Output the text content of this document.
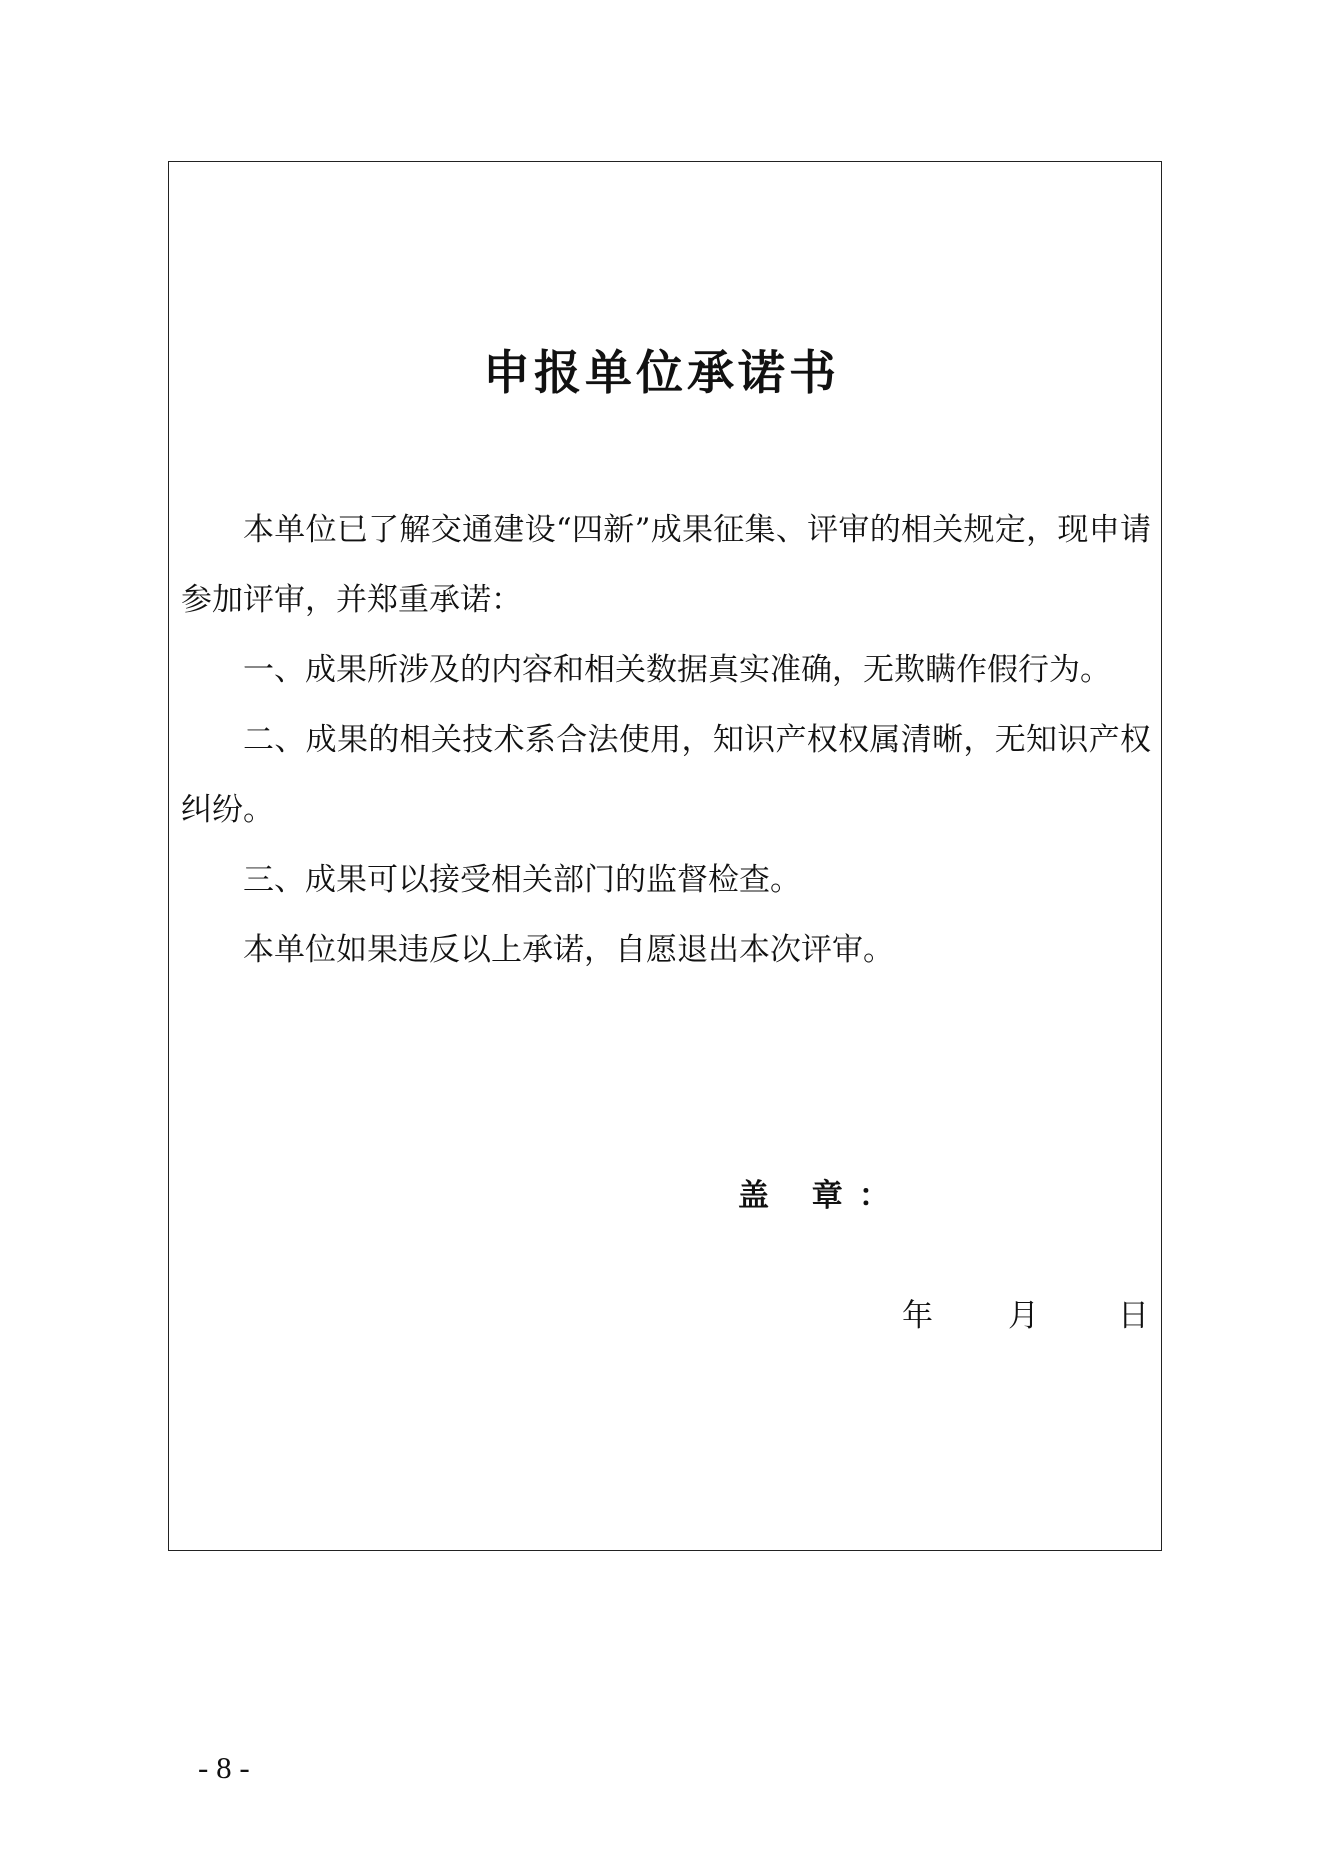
申报单位承诺书

本单位已了解交通建设“四新”成果征集、评审的相关规定，现申请参加评审，并郑重承诺：

一、成果所涉及的内容和相关数据真实准确，无欺瞒作假行为。

二、成果的相关技术系合法使用，知识产权权属清晰，无知识产权纠纷。

三、成果可以接受相关部门的监督检查。

本单位如果违反以上承诺，自愿退出本次评审。

盖 章：
年 月	日
- 8 -
